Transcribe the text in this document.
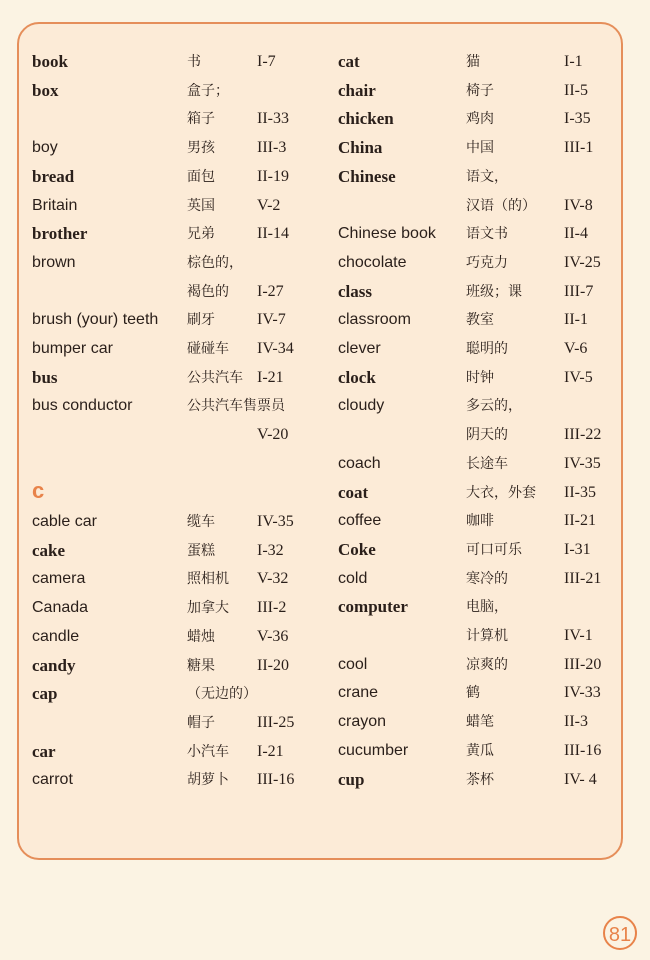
book	书	I-7
box	盒子；
箱子	II-33
boy	男孩	III-3
bread	面包	II-19
Britain	英国	V-2
brother	兄弟	II-14
brown	棕色的，
褐色的 I-27
brush (your) teeth 刷牙	IV-7
bumper car	碰碰车 IV-34
bus	公共汽车 I-21
bus conductor	公共汽车售票员
V-20
cable car	缆车	IV-35
cake	蛋糕	I-32
camera	照相机 V-32
Canada	加拿大 III-2
candle	蜡烛	V-36
candy	糖果	II-20
cap	（无边的）
帽子	III-25
car	小汽车 I-21
carrot	胡萝卜 III-16
cat	猫	I-1
chair	椅子	II-5
chicken	鸡肉	I-35
China	中国	III-1
Chinese	语文，
汉语（的） IV-8
Chinese book 语文书	II-4
chocolate	巧克力	IV-25
class	班级；课	III-7
classroom	教室	II-1
clever	聪明的	V-6
clock	时钟	IV-5
cloudy	多云的，
阴天的	III-22
coach	长途车	IV-35
coat	大衣，外套 II-35
coffee	咖啡	II-21
Coke	可口可乐	I-31
cold	寒冷的	III-21
computer	电脑，
计算机	IV-1
cool	凉爽的	III-20
crane	鹤	IV-33
crayon	蜡笔	II-3
cucumber	黄瓜	III-16
cup	茶杯	IV- 4
c
81
